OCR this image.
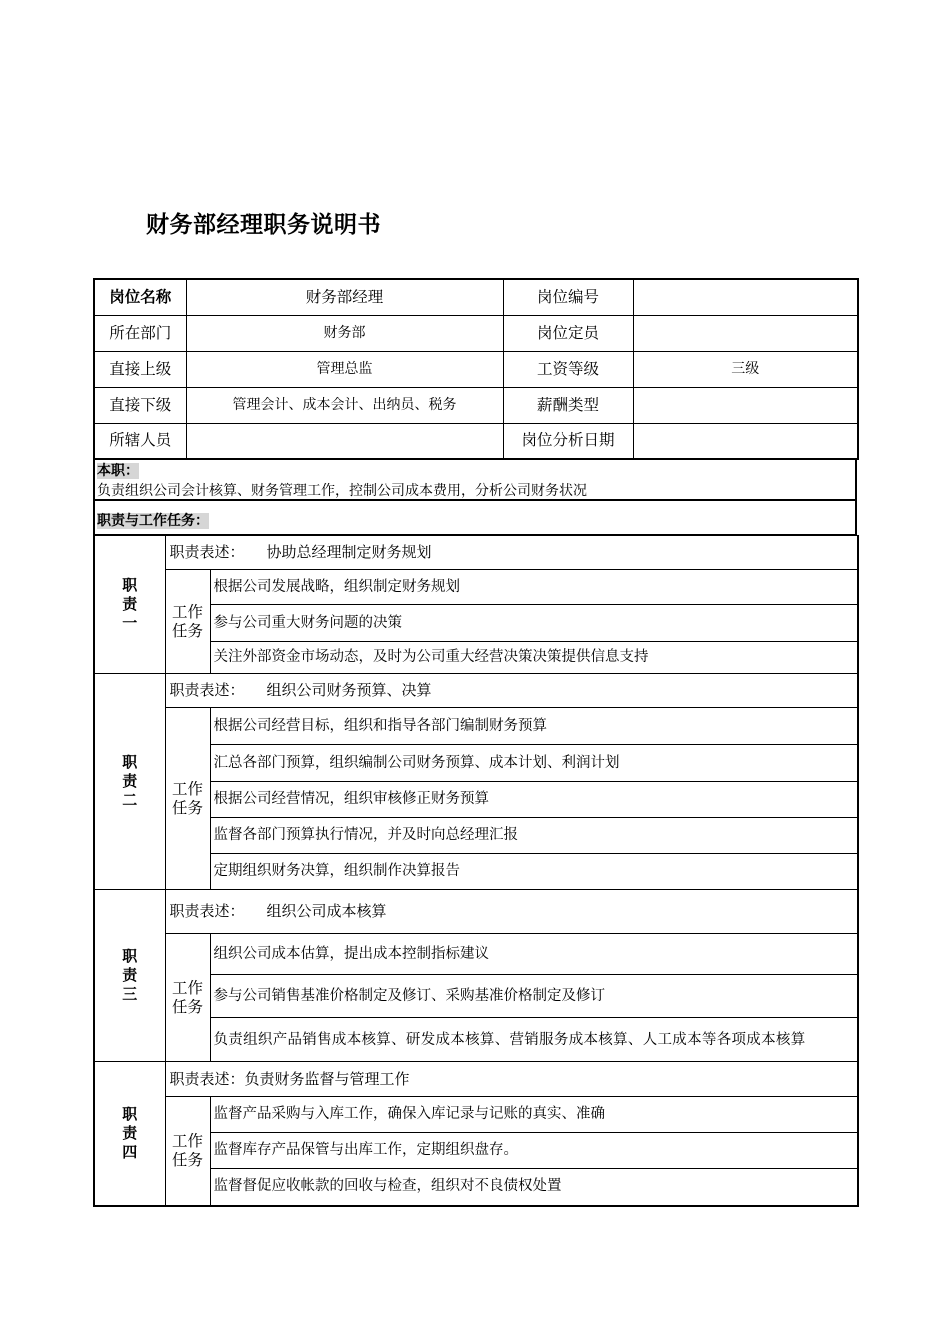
财务部经理职务说明书
岗位名称	财务部经理	岗位编号	
所在部门	财务部	岗位定员	
直接上级	管理总监	工资等级	三级
直接下级	管理会计、成本会计、出纳员、税务	薪酬类型	
所辖人员		岗位分析日期	
本职：
负责组织公司会计核算、财务管理工作，控制公司成本费用，分析公司财务状况
职责与工作任务：
职责一	职责表述： 协助总经理制定财务规划	

	工作任务	根据公司发展战略，组织制定财务规划
		参与公司重大财务问题的决策
		关注外部资金市场动态，及时为公司重大经营决策决策提供信息支持

职责二	职责表述： 组织公司财务预算、决算	

	工作任务	根据公司经营目标，组织和指导各部门编制财务预算
		汇总各部门预算，组织编制公司财务预算、成本计划、利润计划
		根据公司经营情况，组织审核修正财务预算
		监督各部门预算执行情况，并及时向总经理汇报
		定期组织财务决算，组织制作决算报告

职责三	职责表述： 组织公司成本核算	

	工作任务	组织公司成本估算，提出成本控制指标建议
		参与公司销售基准价格制定及修订、采购基准价格制定及修订
		负责组织产品销售成本核算、研发成本核算、营销服务成本核算、人工成本等各项成本核算

职责四	职责表述：负责财务监督与管理工作	

	工作任务	监督产品采购与入库工作，确保入库记录与记账的真实、准确
		监督库存产品保管与出库工作，定期组织盘存。
		监督督促应收帐款的回收与检查，组织对不良债权处置
